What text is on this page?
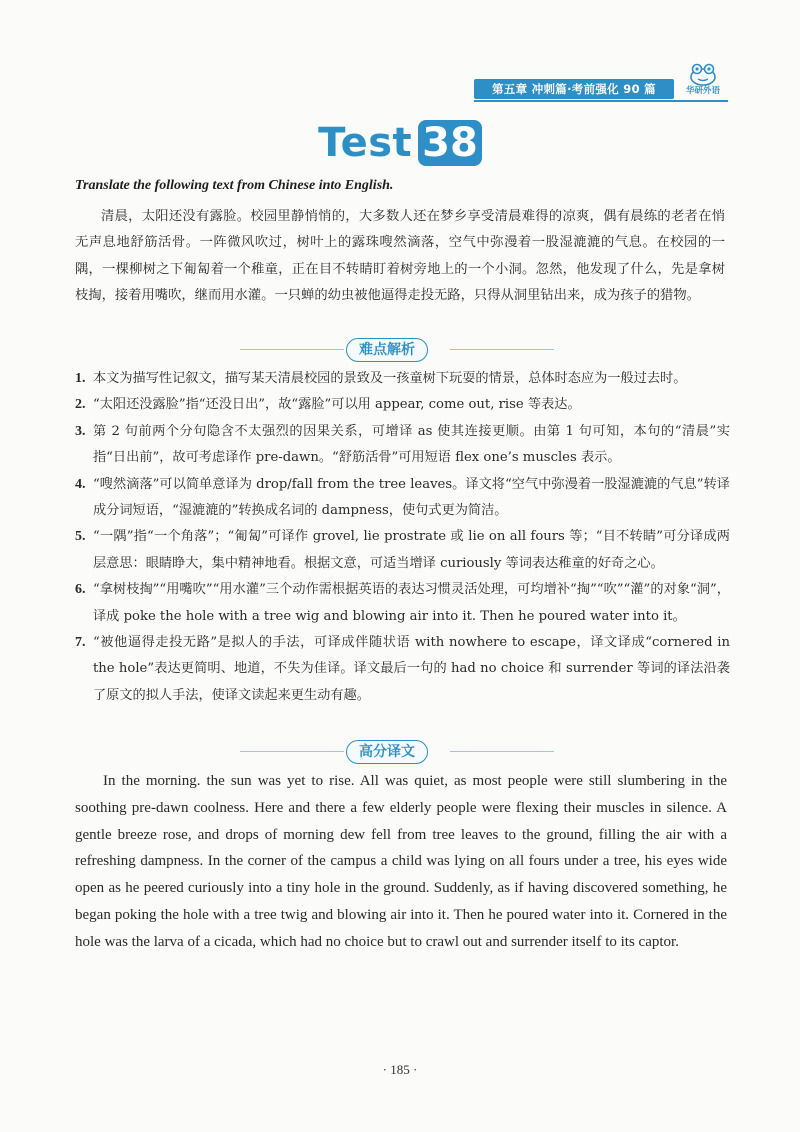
第五章 冲刺篇·考前强化 90 篇	华研外语
Test 38
Translate the following text from Chinese into English.
清晨，太阳还没有露脸。校园里静悄悄的，大多数人还在梦乡享受清晨难得的凉爽，偶有晨练的老者在悄无声息地舒筋活骨。一阵微风吹过，树叶上的露珠嗖然滴落，空气中弥漫着一股湿漉漉的气息。在校园的一隅，一棵柳树之下匍匐着一个稚童，正在目不转睛盯着树旁地上的一个小洞。忽然，他发现了什么，先是拿树枝掏，接着用嘴吹，继而用水灌。一只蝉的幼虫被他逼得走投无路，只得从洞里钻出来，成为孩子的猎物。
难点解析
1. 本文为描写性记叙文，描写某天清晨校园的景致及一孩童树下玩耍的情景，总体时态应为一般过去时。
2. “太阳还没露脸”指“还没日出”，故“露脸”可以用 appear, come out, rise 等表达。
3. 第 2 句前两个分句隐含不太强烈的因果关系，可增译 as 使其连接更顺。由第 1 句可知，本句的“清晨”实指“日出前”，故可考虑译作 pre-dawn。“舒筋活骨”可用短语 flex one’s muscles 表示。
4. “嗖然滴落”可以简单意译为 drop/fall from the tree leaves。译文将“空气中弥漫着一股湿漉漉的气息”转译成分词短语，“湿漉漉的”转换成名词的 dampness，使句式更为简洁。
5. “一隅”指“一个角落”；“匍匐”可译作 grovel, lie prostrate 或 lie on all fours 等；“目不转睛”可分译成两层意思：眼睛睁大，集中精神地看。根据文意，可适当增译 curiously 等词表达稚童的好奇之心。
6. “拿树枝掏”“用嘴吹”“用水灌”三个动作需根据英语的表达习惯灵活处理，可均增补“掏”“吹”“灌”的对象“洞”，译成 poke the hole with a tree wig and blowing air into it. Then he poured water into it。
7. “被他逼得走投无路”是拟人的手法，可译成伴随状语 with nowhere to escape，译文译成“cornered in the hole”表达更简明、地道，不失为佳译。译文最后一句的 had no choice 和 surrender 等词的译法沿袭了原文的拟人手法，使译文读起来更生动有趣。
高分译文
In the morning. the sun was yet to rise. All was quiet, as most people were still slumbering in the soothing pre-dawn coolness. Here and there a few elderly people were flexing their muscles in silence. A gentle breeze rose, and drops of morning dew fell from tree leaves to the ground, filling the air with a refreshing dampness. In the corner of the campus a child was lying on all fours under a tree, his eyes wide open as he peered curiously into a tiny hole in the ground. Suddenly, as if having discovered something, he began poking the hole with a tree twig and blowing air into it. Then he poured water into it. Cornered in the hole was the larva of a cicada, which had no choice but to crawl out and surrender itself to its captor.
· 185 ·
